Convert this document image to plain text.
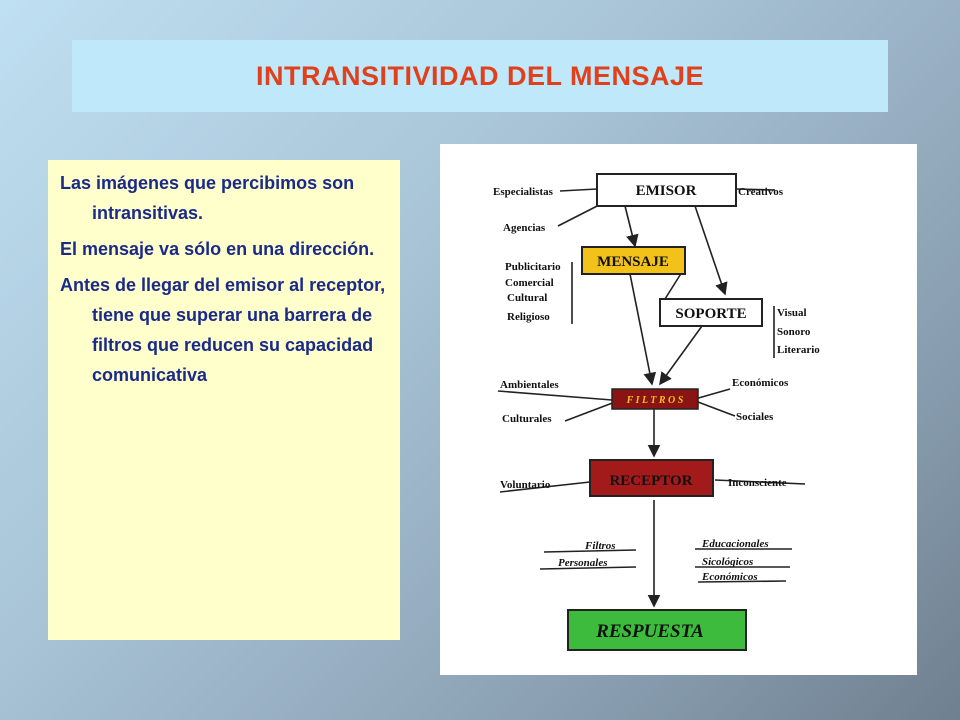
INTRANSITIVIDAD DEL MENSAJE

Las imágenes que percibimos son intransitivas.

El mensaje va sólo en una dirección.

Antes de llegar del emisor al receptor, tiene que superar una barrera de filtros que reducen su capacidad comunicativa

EMISOR
MENSAJE
SOPORTE
F I L T R O S
RECEPTOR
RESPUESTA
Especialistas
Agencias
Creativos
Publicitario
Comercial
Cultural
Religioso	Visual
Sonoro
Literario
Ambientales
Culturales
Económicos
Sociales
Voluntario	Inconsciente
Filtros
Personales
Educacionales
Sicológicos
Económicos
